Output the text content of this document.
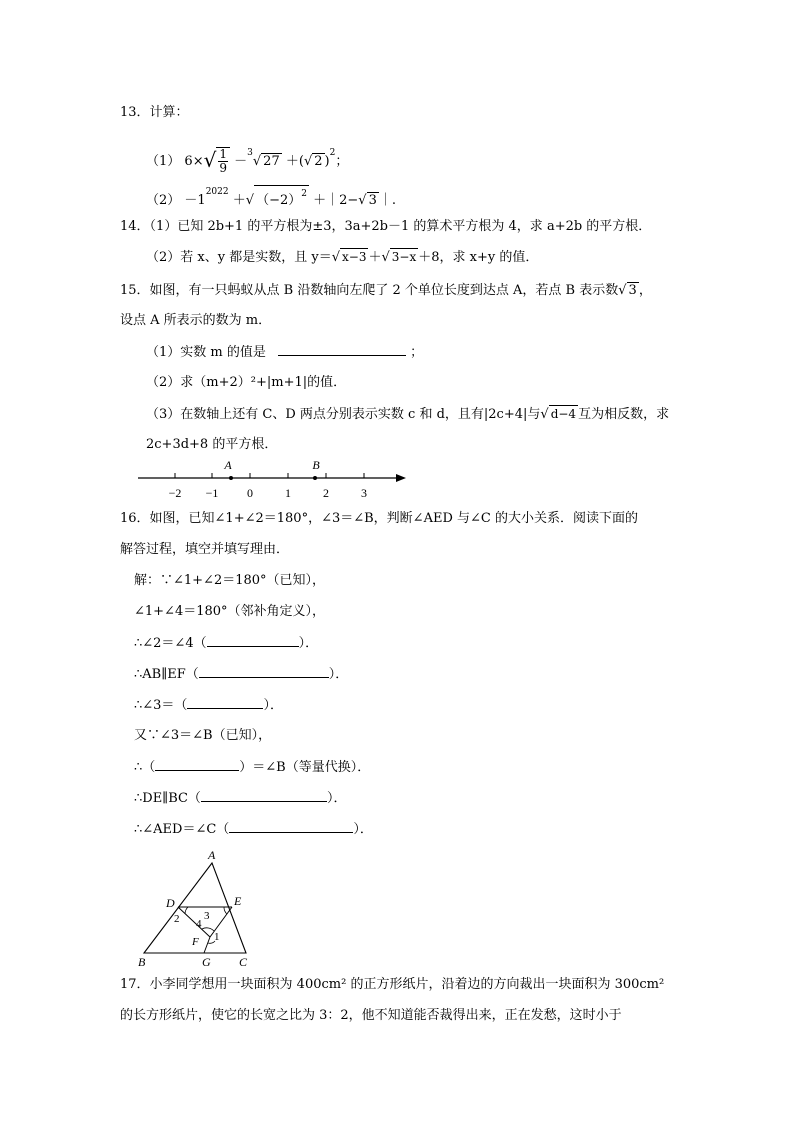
13．计算：
（1） $6\times√ \frac{1}{9} -^3√$ 27 ＋(√ 2 )$^2$；
$(2) -1^{2022}$ ＋√ $(-2)^2$ ＋｜2−√ 3 ｜.
14．（1）已知 2b+1 的平方根为±3，3a+2b－1 的算术平方根为 4，求 a+2b 的平方根．
（2）若 x、y 都是实数，且 y＝√ x−3 ＋√ 3−x ＋8，求 x+y 的值．
15．如图，有一只蚂蚁从点 B 沿数轴向左爬了 2 个单位长度到达点 A，若点 B 表示数√ 3 ，
设点 A 所表示的数为 m．
（1）实数 m 的值是	；
（2）求（m+2）²+|m+1|的值．
（3）在数轴上还有 C、D 两点分别表示实数 c 和 d，且有|2c+4|与√ d−4 互为相反数，求
2c+3d+8 的平方根．
−2 −1 0	1	2	3
A	B
16．如图，已知∠1+∠2＝180°，∠3＝∠B，判断∠AED 与∠C 的大小关系．阅读下面的
解答过程，填空并填写理由．
解：∵∠1+∠2＝180°（已知），
∠1+∠4＝180°（邻补角定义），
∴∠2＝∠4（	）．
∴AB∥EF（	）．
∴∠3＝（	）．
又∵∠3＝∠B（已知），
∴（	）＝∠B（等量代换）．
∴DE∥BC（	）．
∴∠AED＝∠C（	）．
A
D	E
B	G C
F
2 4
3
1
17．小李同学想用一块面积为 400cm² 的正方形纸片，沿着边的方向裁出一块面积为 300cm²
的长方形纸片，使它的长宽之比为 3：2，他不知道能否裁得出来，正在发愁，这时小于
